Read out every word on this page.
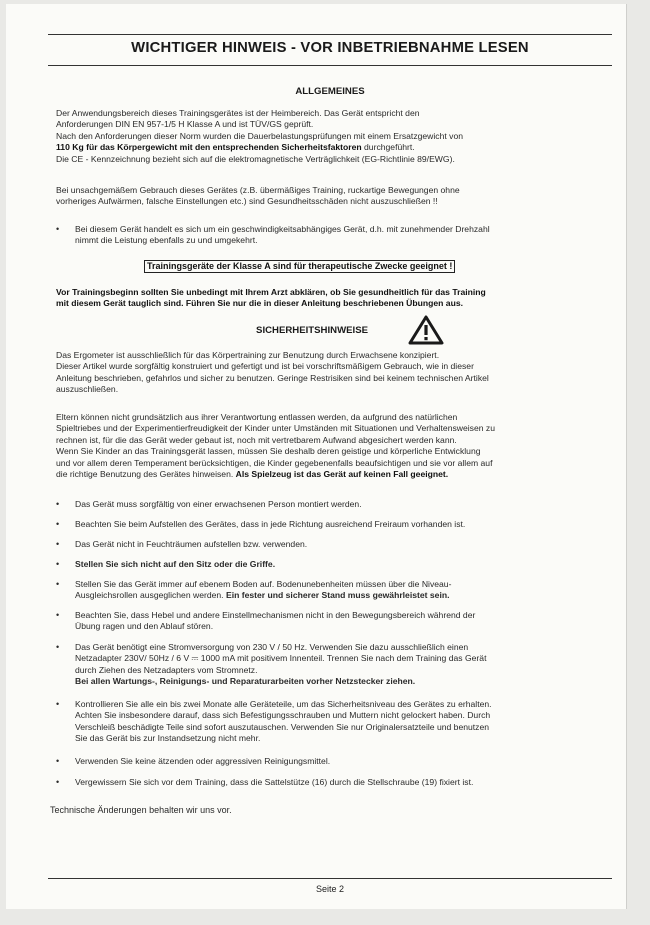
WICHTIGER HINWEIS - VOR INBETRIEBNAHME LESEN
ALLGEMEINES
Der Anwendungsbereich dieses Trainingsgerätes ist der Heimbereich. Das Gerät entspricht den
Anforderungen DIN EN 957-1/5 H Klasse A und ist TÜV/GS geprüft.
Nach den Anforderungen dieser Norm wurden die Dauerbelastungsprüfungen mit einem Ersatzgewicht von
110 Kg für das Körpergewicht mit den entsprechenden Sicherheitsfaktoren durchgeführt.
Die CE - Kennzeichnung bezieht sich auf die elektromagnetische Verträglichkeit (EG-Richtlinie 89/EWG).
Bei unsachgemäßem Gebrauch dieses Gerätes (z.B. übermäßiges Training, ruckartige Bewegungen ohne
vorheriges Aufwärmen, falsche Einstellungen etc.) sind Gesundheitsschäden nicht auszuschließen !!
•	Bei diesem Gerät handelt es sich um ein geschwindigkeitsabhängiges Gerät, d.h. mit zunehmender Drehzahl
nimmt die Leistung ebenfalls zu und umgekehrt.
Trainingsgeräte der Klasse A sind für therapeutische Zwecke geeignet !
Vor Trainingsbeginn sollten Sie unbedingt mit Ihrem Arzt abklären, ob Sie gesundheitlich für das Training
mit diesem Gerät tauglich sind. Führen Sie nur die in dieser Anleitung beschriebenen Übungen aus.
SICHERHEITSHINWEISE
Das Ergometer ist ausschließlich für das Körpertraining zur Benutzung durch Erwachsene konzipiert.
Dieser Artikel wurde sorgfältig konstruiert und gefertigt und ist bei vorschriftsmäßigem Gebrauch, wie in dieser
Anleitung beschrieben, gefahrlos und sicher zu benutzen. Geringe Restrisiken sind bei keinem technischen Artikel
auszuschließen.
Eltern können nicht grundsätzlich aus ihrer Verantwortung entlassen werden, da aufgrund des natürlichen
Spieltriebes und der Experimentierfreudigkeit der Kinder unter Umständen mit Situationen und Verhaltensweisen zu
rechnen ist, für die das Gerät weder gebaut ist, noch mit vertretbarem Aufwand abgesichert werden kann.
Wenn Sie Kinder an das Trainingsgerät lassen, müssen Sie deshalb deren geistige und körperliche Entwicklung
und vor allem deren Temperament berücksichtigen, die Kinder gegebenenfalls beaufsichtigen und sie vor allem auf
die richtige Benutzung des Gerätes hinweisen. Als Spielzeug ist das Gerät auf keinen Fall geeignet.
•	Das Gerät muss sorgfältig von einer erwachsenen Person montiert werden.
•	Beachten Sie beim Aufstellen des Gerätes, dass in jede Richtung ausreichend Freiraum vorhanden ist.
•	Das Gerät nicht in Feuchträumen aufstellen bzw. verwenden.
•	Stellen Sie sich nicht auf den Sitz oder die Griffe.
•	Stellen Sie das Gerät immer auf ebenem Boden auf. Bodenunebenheiten müssen über die Niveau-
Ausgleichsrollen ausgeglichen werden. Ein fester und sicherer Stand muss gewährleistet sein.
•	Beachten Sie, dass Hebel und andere Einstellmechanismen nicht in den Bewegungsbereich während der
Übung ragen und den Ablauf stören.
•	Das Gerät benötigt eine Stromversorgung von 230 V / 50 Hz. Verwenden Sie dazu ausschließlich einen
Netzadapter 230V/ 50Hz / 6 V ⎓ 1000 mA mit positivem Innenteil. Trennen Sie nach dem Training das Gerät
durch Ziehen des Netzadapters vom Stromnetz.
Bei allen Wartungs-, Reinigungs- und Reparaturarbeiten vorher Netzstecker ziehen.
•	Kontrollieren Sie alle ein bis zwei Monate alle Geräteteile, um das Sicherheitsniveau des Gerätes zu erhalten.
Achten Sie insbesondere darauf, dass sich Befestigungsschrauben und Muttern nicht gelockert haben. Durch
Verschleiß beschädigte Teile sind sofort auszutauschen. Verwenden Sie nur Originalersatzteile und benutzen
Sie das Gerät bis zur Instandsetzung nicht mehr.
•	Verwenden Sie keine ätzenden oder aggressiven Reinigungsmittel.
•	Vergewissern Sie sich vor dem Training, dass die Sattelstütze (16) durch die Stellschraube (19) fixiert ist.
Technische Änderungen behalten wir uns vor.
Seite 2
